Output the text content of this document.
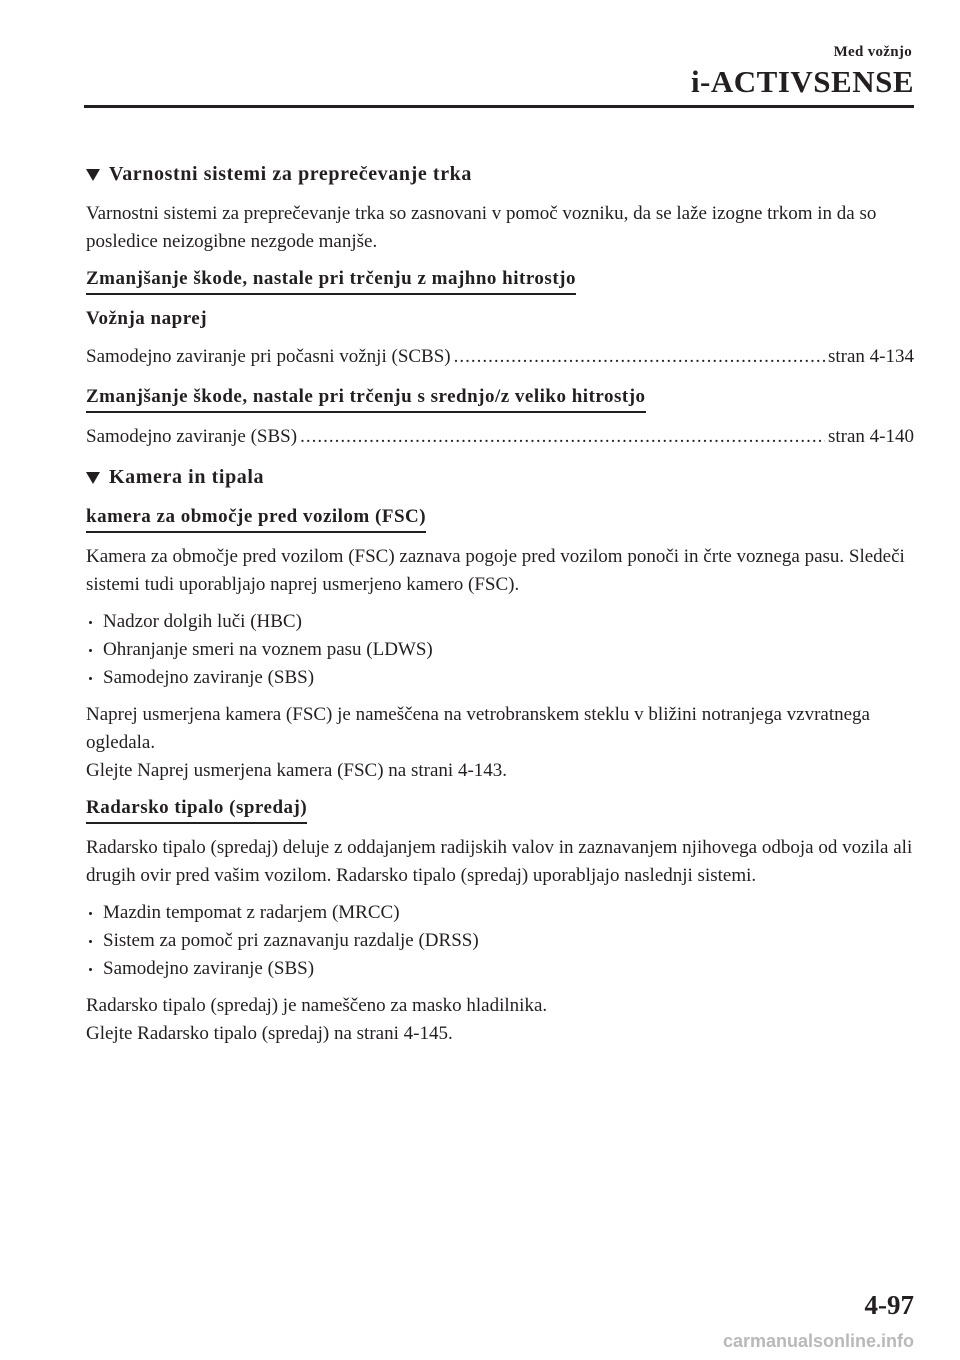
Med vožnjo
i-ACTIVSENSE
Varnostni sistemi za preprečevanje trka

Varnostni sistemi za preprečevanje trka so zasnovani v pomoč vozniku, da se laže izogne trkom in da so posledice neizogibne nezgode manjše.

Zmanjšanje škode, nastale pri trčenju z majhno hitrostjo
Vožnja naprej
Samodejno zaviranje pri počasni vožnji (SCBS) .....	stran 4-134
Zmanjšanje škode, nastale pri trčenju s srednjo/z veliko hitrostjo
Samodejno zaviranje (SBS) .....	stran 4-140
Kamera in tipala
kamera za območje pred vozilom (FSC)

Kamera za območje pred vozilom (FSC) zaznava pogoje pred vozilom ponoči in črte voznega pasu. Sledeči sistemi tudi uporabljajo naprej usmerjeno kamero (FSC).

Nadzor dolgih luči (HBC)
Ohranjanje smeri na voznem pasu (LDWS)
Samodejno zaviranje (SBS)

Naprej usmerjena kamera (FSC) je nameščena na vetrobranskem steklu v bližini notranjega vzvratnega ogledala.

Glejte Naprej usmerjena kamera (FSC) na strani 4-143.

Radarsko tipalo (spredaj)

Radarsko tipalo (spredaj) deluje z oddajanjem radijskih valov in zaznavanjem njihovega odboja od vozila ali drugih ovir pred vašim vozilom. Radarsko tipalo (spredaj) uporabljajo naslednji sistemi.

Mazdin tempomat z radarjem (MRCC)
Sistem za pomoč pri zaznavanju razdalje (DRSS)
Samodejno zaviranje (SBS)

Radarsko tipalo (spredaj) je nameščeno za masko hladilnika.

Glejte Radarsko tipalo (spredaj) na strani 4-145.

4-97
carmanualsonline.info
